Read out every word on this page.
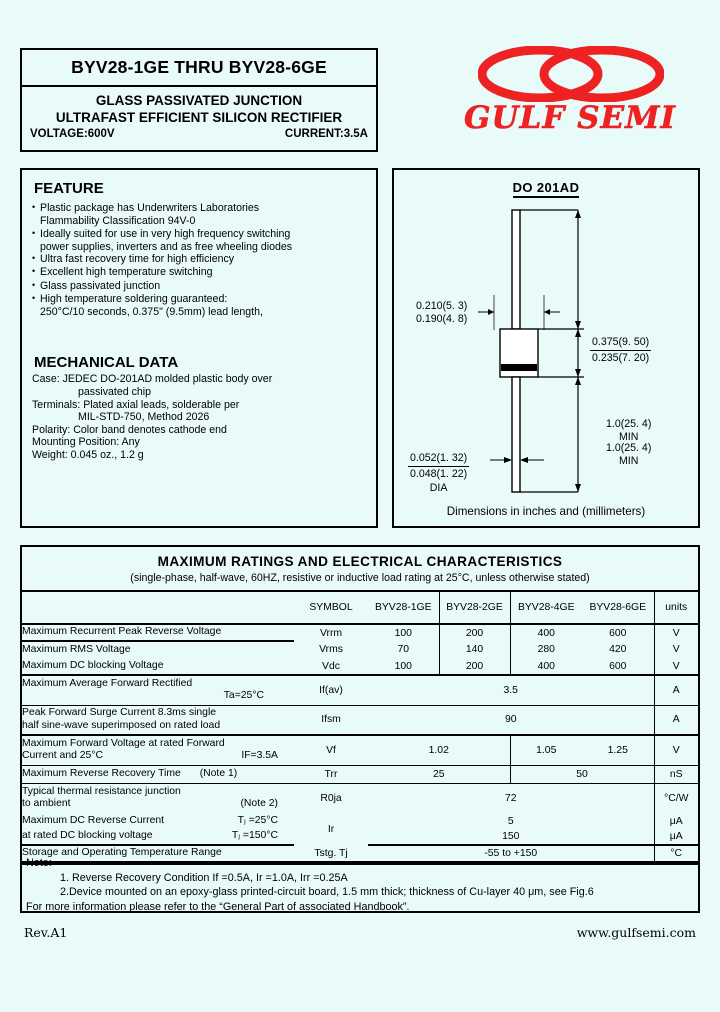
BYV28-1GE THRU BYV28-6GE
GLASS PASSIVATED JUNCTION
ULTRAFAST EFFICIENT SILICON RECTIFIER
VOLTAGE:600V	CURRENT:3.5A	GULF SEMI
FEATURE
• Plastic package has Underwriters Laboratories
Flammability Classification 94V-0
• Ideally suited for use in very high frequency switching
power supplies, inverters and as free wheeling diodes
• Ultra fast recovery time for high efficiency
• Excellent high temperature switching
• Glass passivated junction
• High temperature soldering guaranteed:
250°C/10 seconds, 0.375" (9.5mm) lead length,
MECHANICAL DATA
Case: JEDEC DO-201AD molded plastic body over
passivated chip
Terminals: Plated axial leads, solderable per
MIL-STD-750, Method 2026
Polarity: Color band denotes cathode end
Mounting Position: Any
Weight: 0.045 oz., 1.2 g
DO 201AD
1.0(25. 4)
MIN
0.210(5. 3)
0.190(4. 8)
$\frac{0.375(9. 50)}{0.235(7. 20)}$
1.0(25. 4)
MIN
0.052(1. 32)
0.048(1. 22)
DIA
Dimensions in inches and (millimeters)
MAXIMUM RATINGS AND ELECTRICAL CHARACTERISTICS
(single-phase, half-wave, 60HZ, resistive or inductive load rating at 25°C, unless otherwise stated)
	SYMBOL	BYV28-1GE	BYV28-2GE	BYV28-4GE	BYV28-6GE	units
Maximum Recurrent Peak Reverse Voltage	Vrrm	100	200	400	600	V
Maximum RMS Voltage	Vrms	70	140	280	420	V
Maximum DC blocking Voltage	Vdc	100	200	400	600	V

Maximum Average Forward Rectified
Ta=25°C	If(av)	3.5				A

Peak Forward Surge Current 8.3ms single
half sine-wave superimposed on rated load	Ifsm	90				A

Maximum Forward Voltage at rated Forward
Current and 25°C IF=3.5A	Vf	1.02		1.05	1.25	V
Maximum Reverse Recovery Time (Note 1)	Trr	25		50		nS

Typical thermal resistance junction
to ambient (Note 2)	R0ja	72				°C/W

Maximum DC Reverse Current Tⱼ =25°C	Ir	5				μA

at rated DC blocking voltage Tⱼ =150°C		150				μA
Storage and Operating Temperature Range	Tstg. Tj	-55 to +150				°C
Note:
1. Reverse Recovery Condition If =0.5A, Ir =1.0A, Irr =0.25A
2.Device mounted on an epoxy-glass printed-circuit board, 1.5 mm thick; thickness of Cu-layer 40 μm, see Fig.6
For more information please refer to the “General Part of associated Handbook”.
Rev.A1	www.gulfsemi.com
